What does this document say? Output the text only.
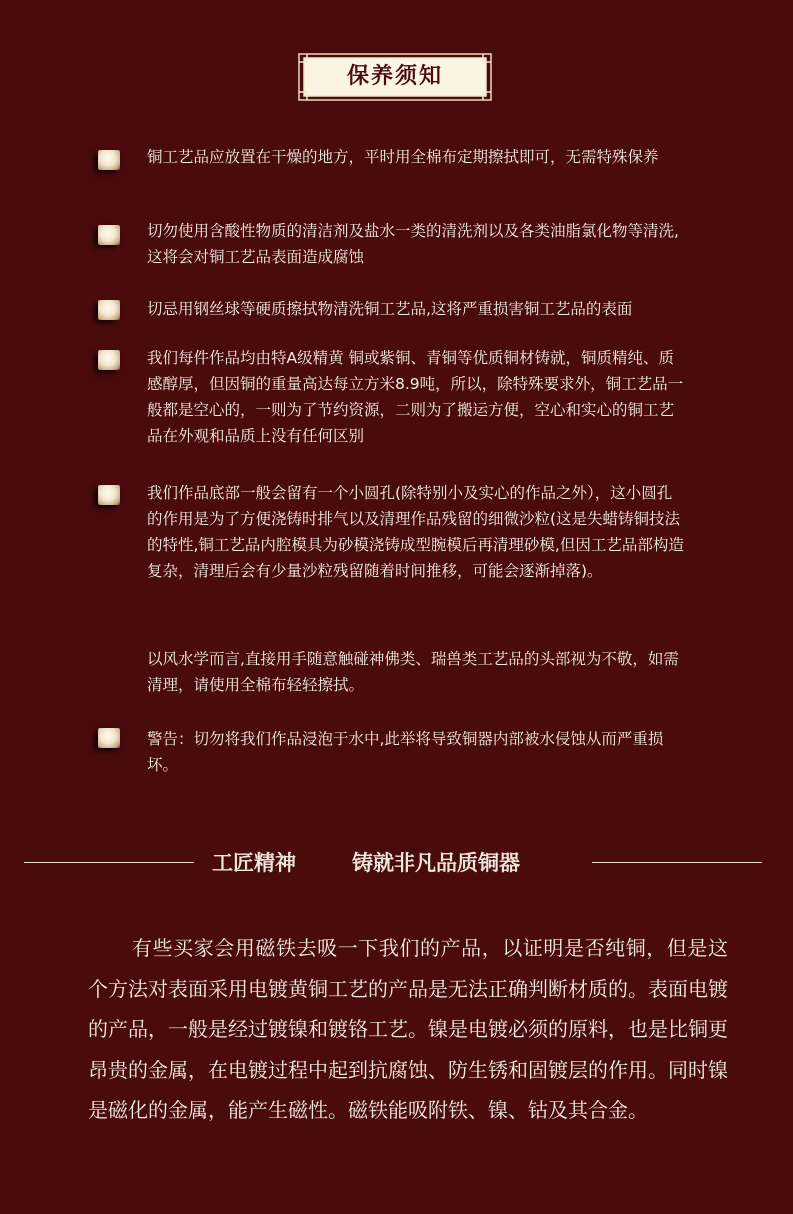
保养须知
铜工艺品应放置在干燥的地方，平时用全棉布定期擦拭即可，无需特殊保养
切勿使用含酸性物质的清洁剂及盐水一类的清洗剂以及各类油脂氯化物等清洗,这将会对铜工艺品表面造成腐蚀
切忌用钢丝球等硬质擦拭物清洗铜工艺品,这将严重损害铜工艺品的表面
我们每件作品均由特A级精黄 铜或紫铜、青铜等优质铜材铸就，铜质精纯、质感醇厚，但因铜的重量高达每立方米8.9吨，所以，除特殊要求外，铜工艺品一般都是空心的，一则为了节约资源，二则为了搬运方便，空心和实心的铜工艺品在外观和品质上没有任何区别
我们作品底部一般会留有一个小圆孔(除特别小及实心的作品之外），这小圆孔的作用是为了方便浇铸时排气以及清理作品残留的细微沙粒(这是失蜡铸铜技法的特性,铜工艺品内腔模具为砂模浇铸成型腕模后再清理砂模,但因工艺品部构造复杂，清理后会有少量沙粒残留随着时间推移，可能会逐渐掉落)。
以风水学而言,直接用手随意触碰神佛类、瑞兽类工艺品的头部视为不敬，如需清理，请使用全棉布轻轻擦拭。
警告：切勿将我们作品浸泡于水中,此举将导致铜器内部被水侵蚀从而严重损坏。
工匠精神	铸就非凡品质铜器
有些买家会用磁铁去吸一下我们的产品，以证明是否纯铜，但是这个方法对表面采用电镀黄铜工艺的产品是无法正确判断材质的。表面电镀的产品，一般是经过镀镍和镀铬工艺。镍是电镀必须的原料，也是比铜更昂贵的金属，在电镀过程中起到抗腐蚀、防生锈和固镀层的作用。同时镍是磁化的金属，能产生磁性。磁铁能吸附铁、镍、钴及其合金。
